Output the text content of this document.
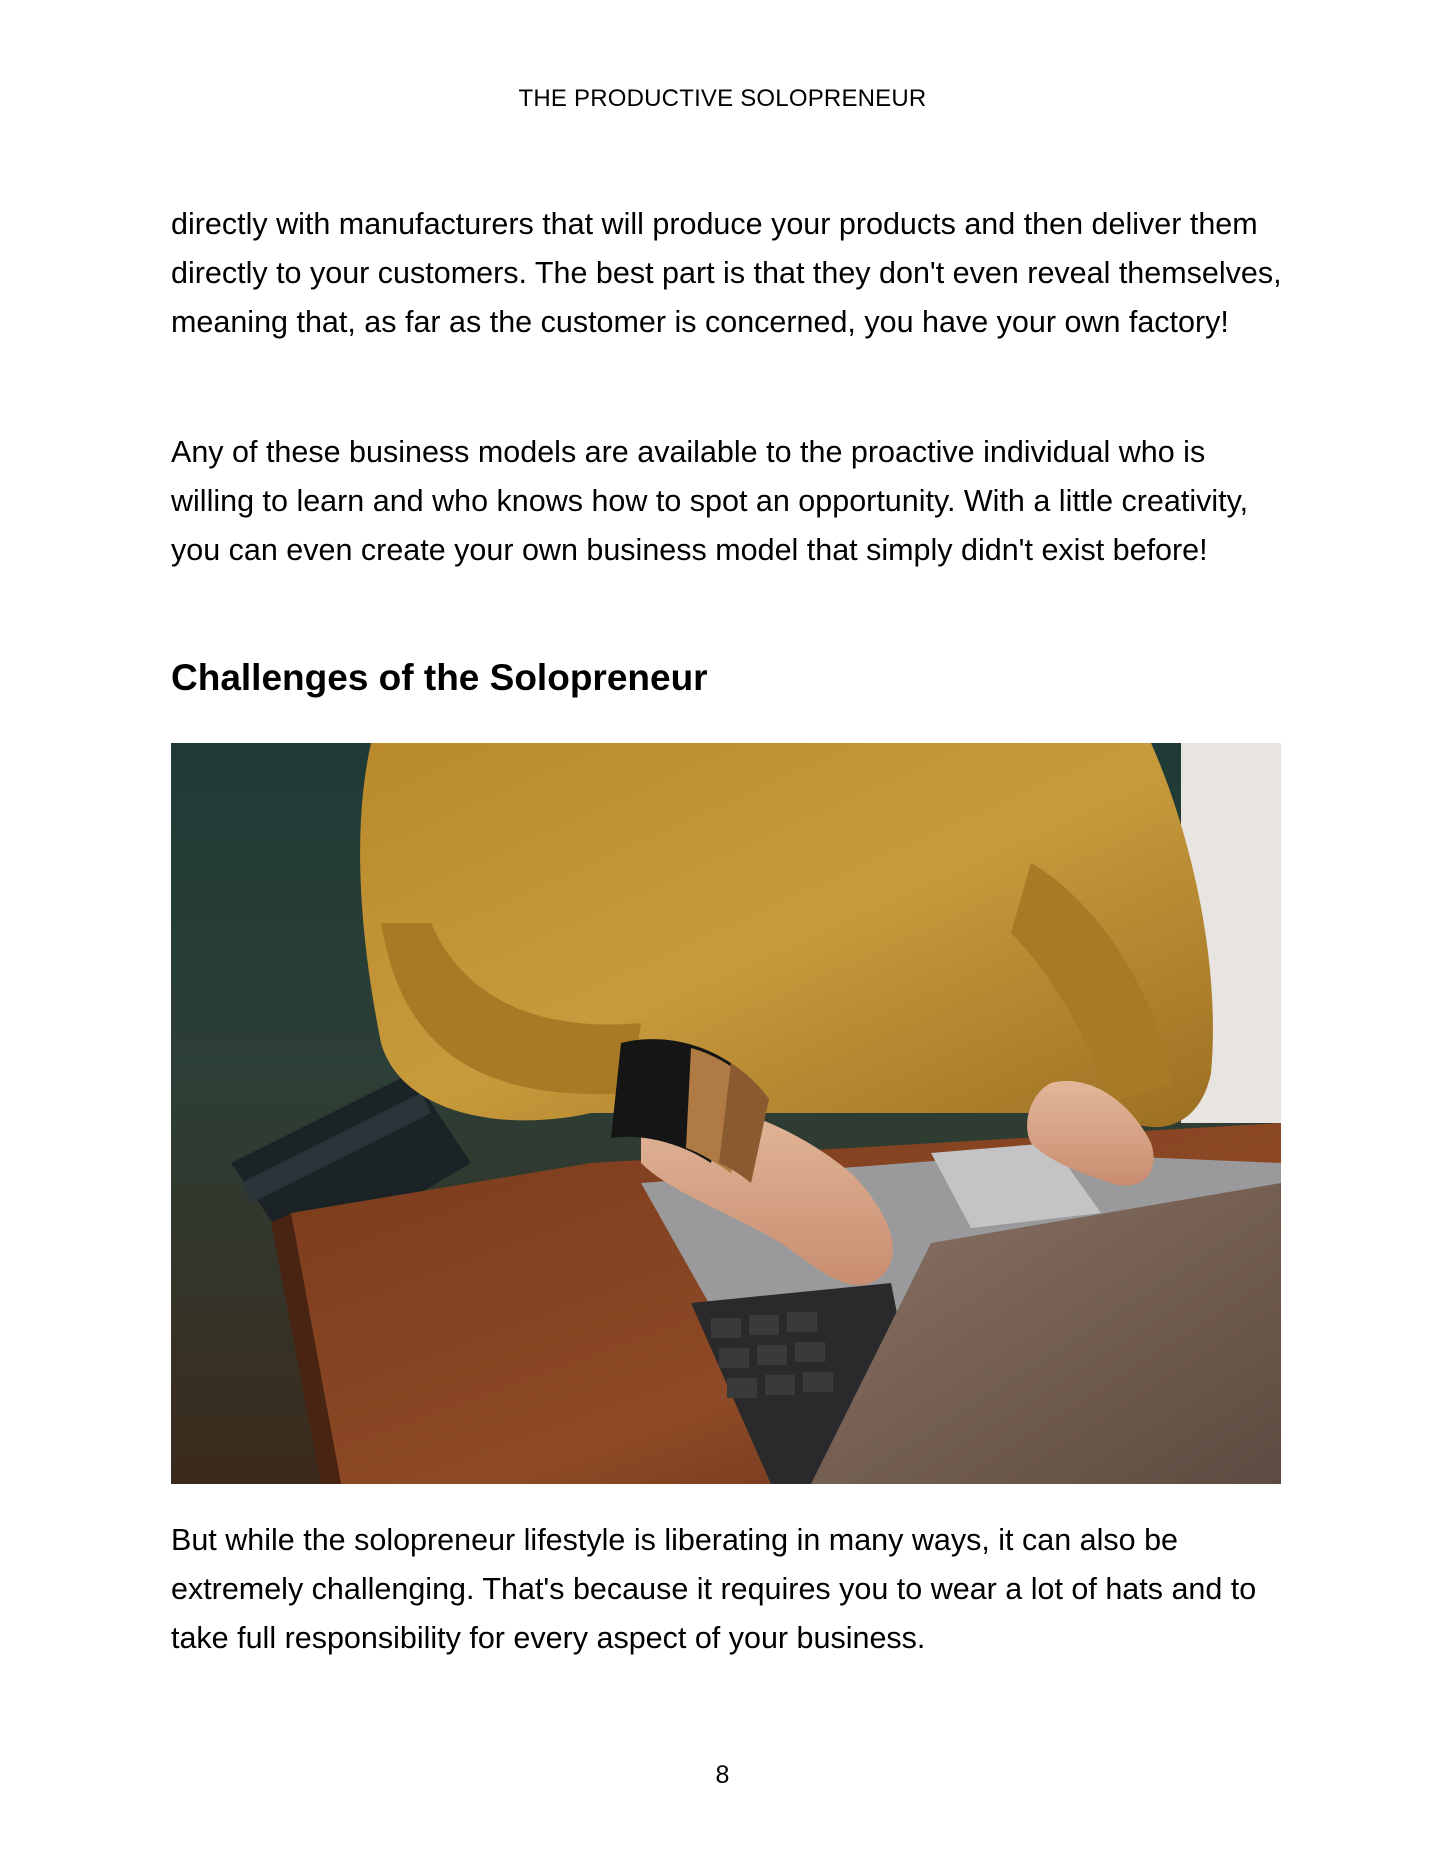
THE PRODUCTIVE SOLOPRENEUR

directly with manufacturers that will produce your products and then deliver them directly to your customers. The best part is that they don't even reveal themselves, meaning that, as far as the customer is concerned, you have your own factory!

Any of these business models are available to the proactive individual who is willing to learn and who knows how to spot an opportunity. With a little creativity, you can even create your own business model that simply didn't exist before!

Challenges of the Solopreneur

But while the solopreneur lifestyle is liberating in many ways, it can also be extremely challenging. That's because it requires you to wear a lot of hats and to take full responsibility for every aspect of your business.

8
